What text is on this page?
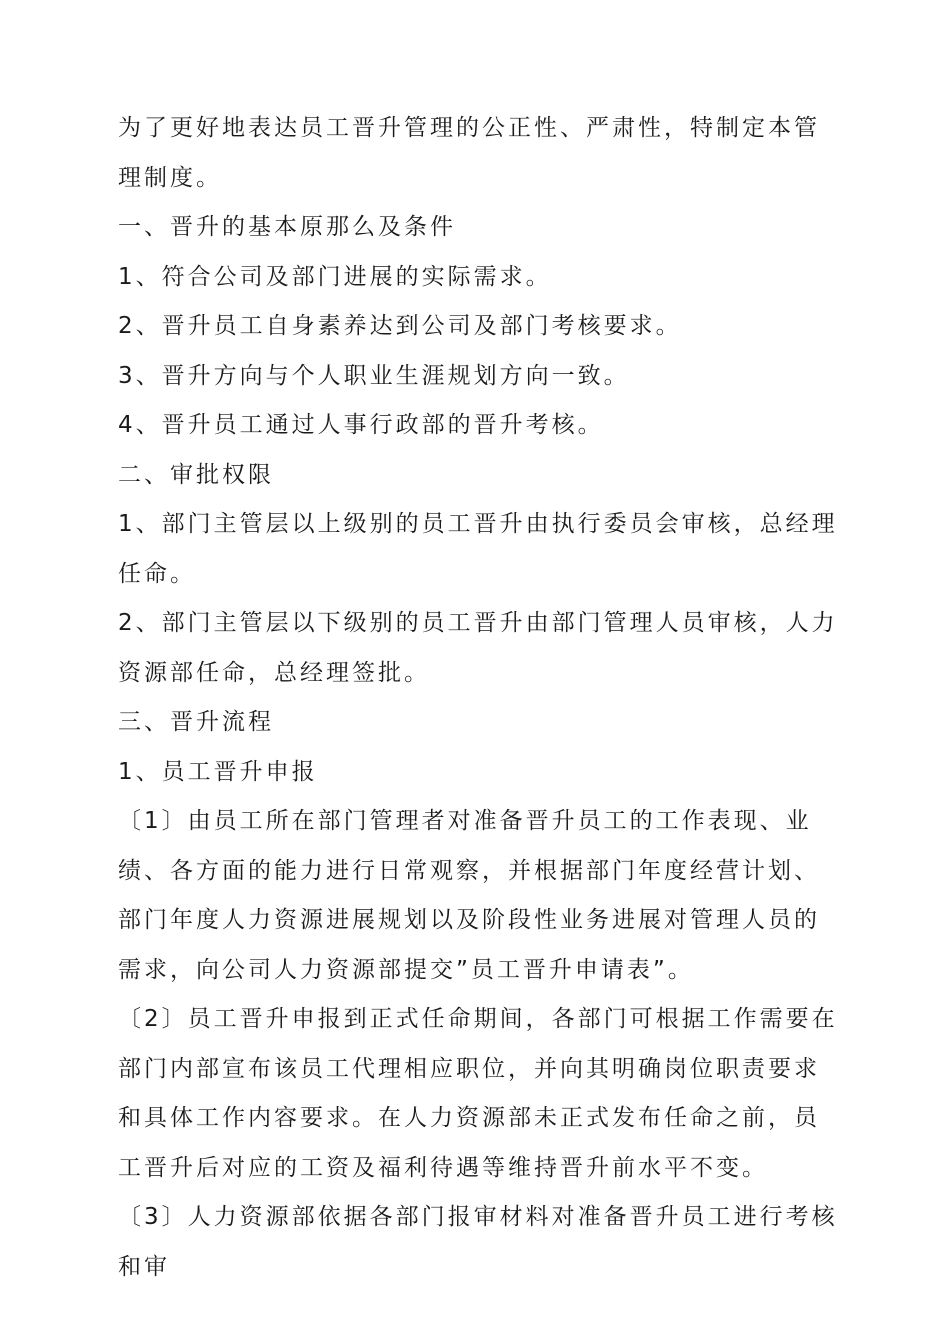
为了更好地表达员工晋升管理的公正性、严肃性，特制定本管理制度。

一、晋升的基本原那么及条件

1、符合公司及部门进展的实际需求。

2、晋升员工自身素养达到公司及部门考核要求。

3、晋升方向与个人职业生涯规划方向一致。

4、晋升员工通过人事行政部的晋升考核。

二、审批权限

1、部门主管层以上级别的员工晋升由执行委员会审核，总经理任命。

2、部门主管层以下级别的员工晋升由部门管理人员审核，人力资源部任命，总经理签批。

三、晋升流程

1、员工晋升申报

〔1〕由员工所在部门管理者对准备晋升员工的工作表现、业绩、各方面的能力进行日常观察，并根据部门年度经营计划、部门年度人力资源进展规划以及阶段性业务进展对管理人员的需求，向公司人力资源部提交”员工晋升申请表”。

〔2〕员工晋升申报到正式任命期间，各部门可根据工作需要在部门内部宣布该员工代理相应职位，并向其明确岗位职责要求和具体工作内容要求。在人力资源部未正式发布任命之前，员工晋升后对应的工资及福利待遇等维持晋升前水平不变。

〔3〕人力资源部依据各部门报审材料对准备晋升员工进行考核和审
